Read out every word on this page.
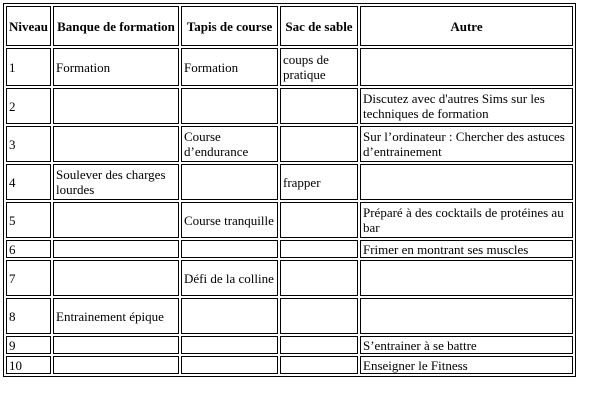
Niveau	Banque de formation	Tapis de course	Sac de sable	Autre
1	Formation	Formation	coups de pratique	
2				Discutez avec d'autres Sims sur les techniques de formation
3		Course d’endurance		Sur l’ordinateur : Chercher des astuces d’entrainement
4	Soulever des charges lourdes		frapper	
5		Course tranquille		Préparé à des cocktails de protéines au bar
6				Frimer en montrant ses muscles
7		Défi de la colline		
8	Entrainement épique			
9				S’entrainer à se battre
10				Enseigner le Fitness
